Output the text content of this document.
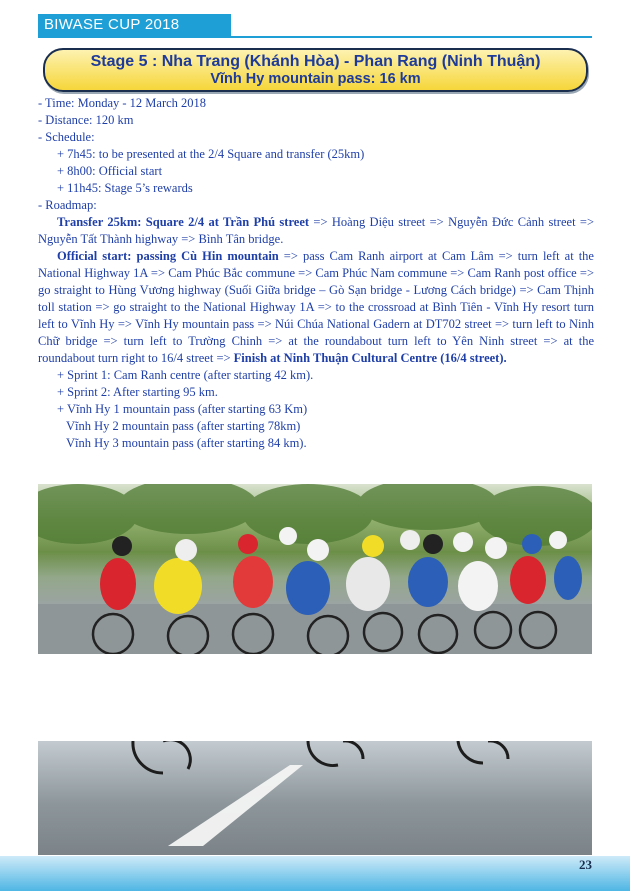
BIWASE CUP 2018
Stage 5 : Nha Trang (Khánh Hòa) - Phan Rang (Ninh Thuận)
Vĩnh Hy mountain pass: 16 km

- Time: Monday - 12 March 2018

- Distance: 120 km

- Schedule:

+ 7h45: to be presented at the 2/4 Square and transfer (25km)

+ 8h00: Official start

+ 11h45: Stage 5’s rewards

- Roadmap:

Transfer 25km: Square 2/4 at Trần Phú street => Hoàng Diệu street => Nguyễn Đức Cảnh street => Nguyễn Tất Thành highway => Bình Tân bridge.

Official start: passing Cù Hin mountain => pass Cam Ranh airport at Cam Lâm => turn left at the National Highway 1A => Cam Phúc Bắc commune => Cam Phúc Nam commune => Cam Ranh post office => go straight to Hùng Vương highway (Suối Giữa bridge – Gò Sạn bridge - Lương Cách bridge) => Cam Thịnh toll station => go straight to the National Highway 1A => to the crossroad at Bình Tiên - Vĩnh Hy resort turn left to Vĩnh Hy => Vĩnh Hy mountain pass => Núi Chúa National Gadern at DT702 street => turn left to Ninh Chữ bridge => turn left to Trường Chinh => at the roundabout turn left to Yên Ninh street => at the roundabout turn right to 16/4 street => Finish at Ninh Thuận Cultural Centre (16/4 street).

+ Sprint 1: Cam Ranh centre (after starting 42 km).

+ Sprint 2: After starting 95 km.

+ Vĩnh Hy 1 mountain pass (after starting 63 Km)

Vĩnh Hy 2 mountain pass (after starting 78km)

Vĩnh Hy 3 mountain pass (after starting 84 km).

23
